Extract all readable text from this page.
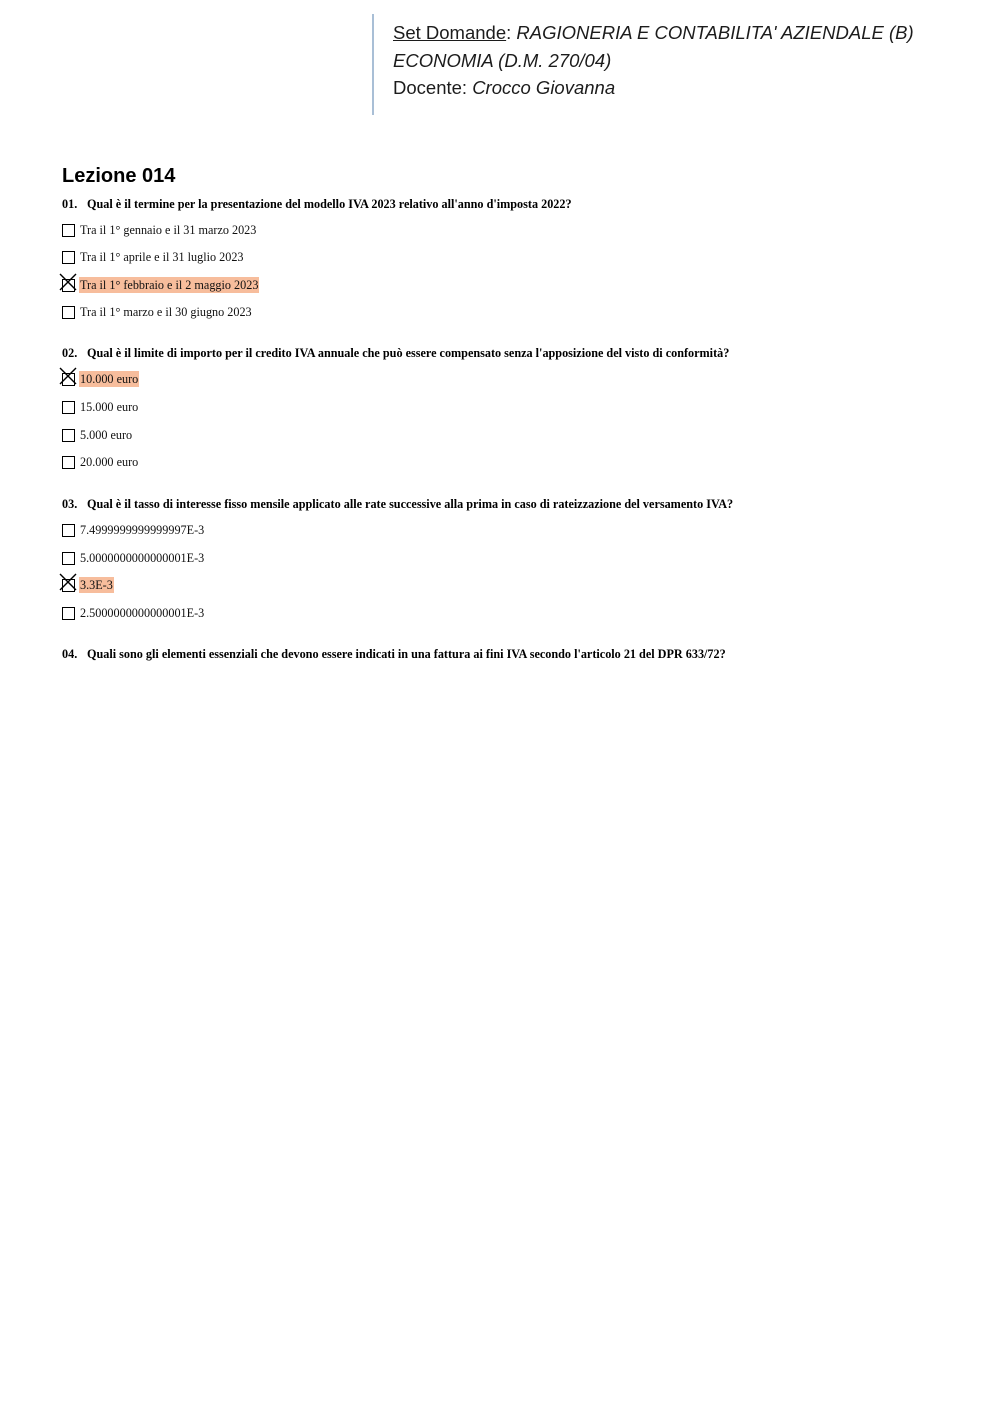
Set Domande: RAGIONERIA E CONTABILITA' AZIENDALE (B)
ECONOMIA (D.M. 270/04)
Docente: Crocco Giovanna
Lezione 014

01. Qual è il termine per la presentazione del modello IVA 2023 relativo all'anno d'imposta 2022?

Tra il 1° gennaio e il 31 marzo 2023
Tra il 1° aprile e il 31 luglio 2023
Tra il 1° febbraio e il 2 maggio 2023
Tra il 1° marzo e il 30 giugno 2023

02. Qual è il limite di importo per il credito IVA annuale che può essere compensato senza l'apposizione del visto di conformità?

10.000 euro
15.000 euro
5.000 euro
20.000 euro

03. Qual è il tasso di interesse fisso mensile applicato alle rate successive alla prima in caso di rateizzazione del versamento IVA?

7.4999999999999997E-3
5.0000000000000001E-3
3.3E-3
2.5000000000000001E-3

04. Quali sono gli elementi essenziali che devono essere indicati in una fattura ai fini IVA secondo l'articolo 21 del DPR 633/72?
